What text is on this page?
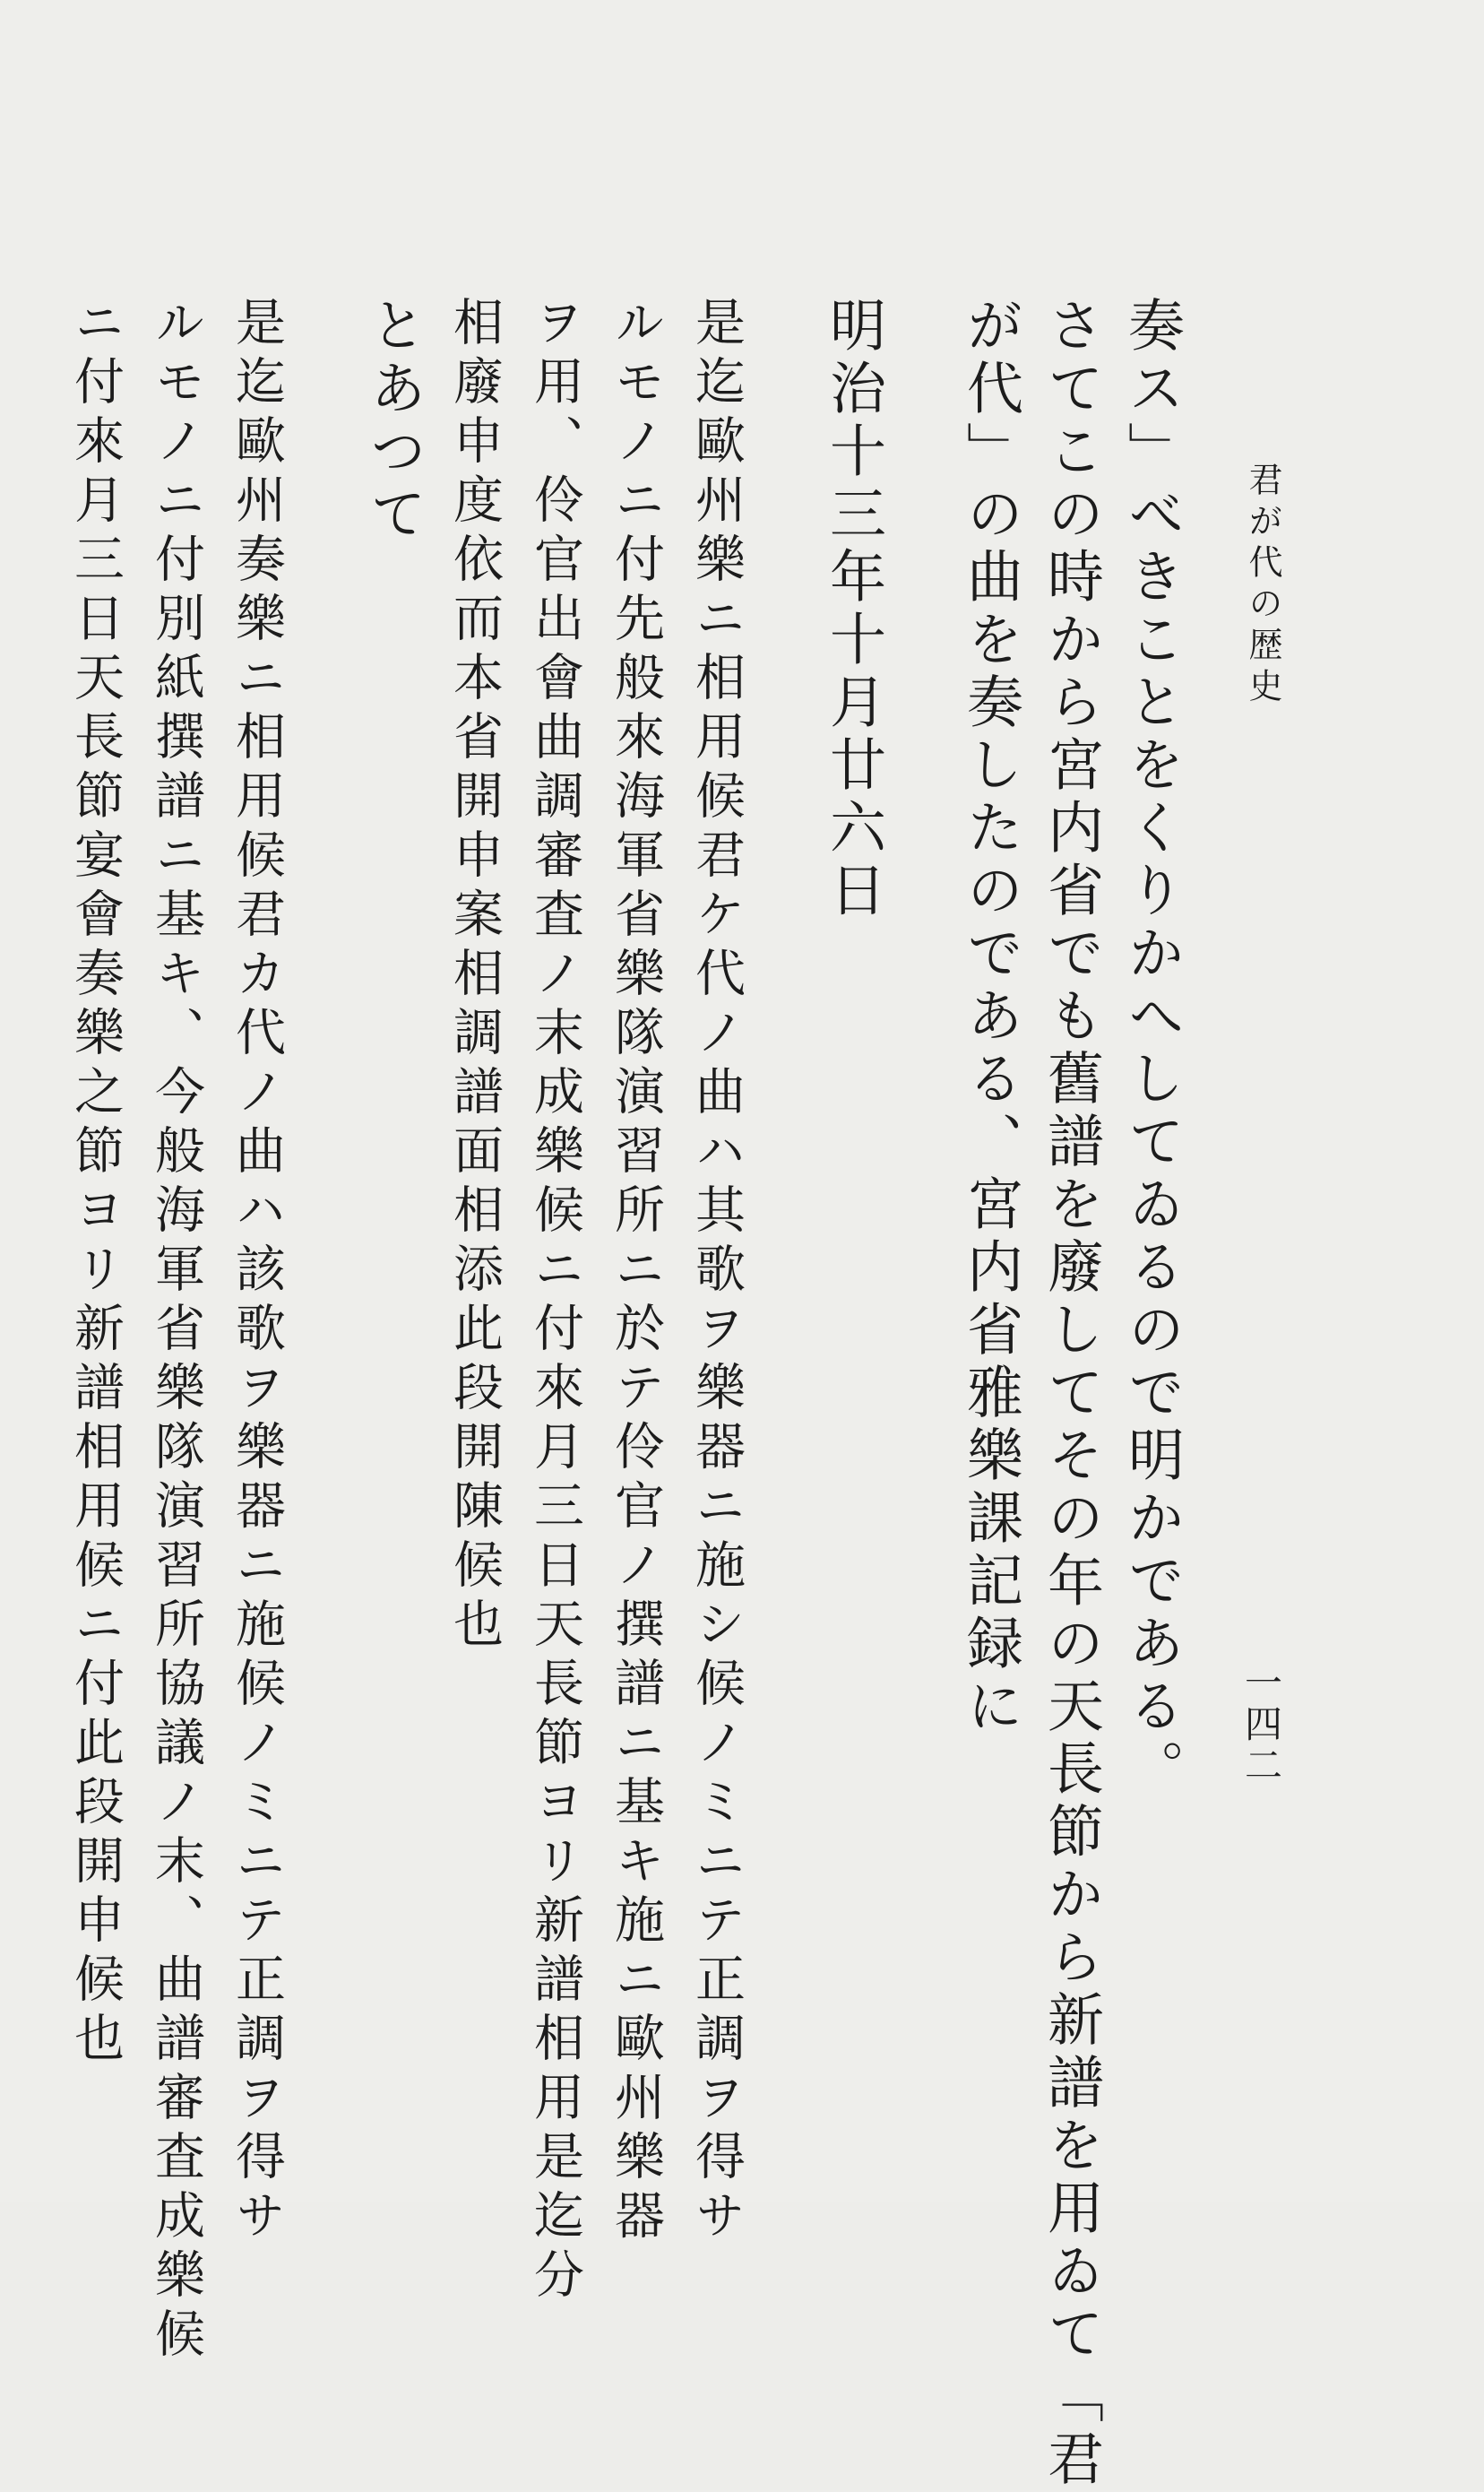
君が代の歴史
一四二
奏ス」べきことをくりかへしてゐるので明かである。
さてこの時から宮内省でも舊譜を廢してその年の天長節から新譜を用ゐて「君
が代」の曲を奏したのである、宮内省雅樂課記録に
明治十三年十月廿六日
是迄歐州樂ニ相用候君ケ代ノ曲ハ其歌ヲ樂器ニ施シ候ノミニテ正調ヲ得サ
ルモノニ付先般來海軍省樂隊演習所ニ於テ伶官ノ撰譜ニ基キ施ニ歐州樂器
ヲ用、伶官出會曲調審査ノ末成樂候ニ付來月三日天長節ヨリ新譜相用是迄分
相廢申度依而本省開申案相調譜面相添此段開陳候也
とあつて
是迄歐州奏樂ニ相用候君カ代ノ曲ハ該歌ヲ樂器ニ施候ノミニテ正調ヲ得サ
ルモノニ付別紙撰譜ニ基キ、今般海軍省樂隊演習所協議ノ末、曲譜審査成樂候
ニ付來月三日天長節宴會奏樂之節ヨリ新譜相用候ニ付此段開申候也
